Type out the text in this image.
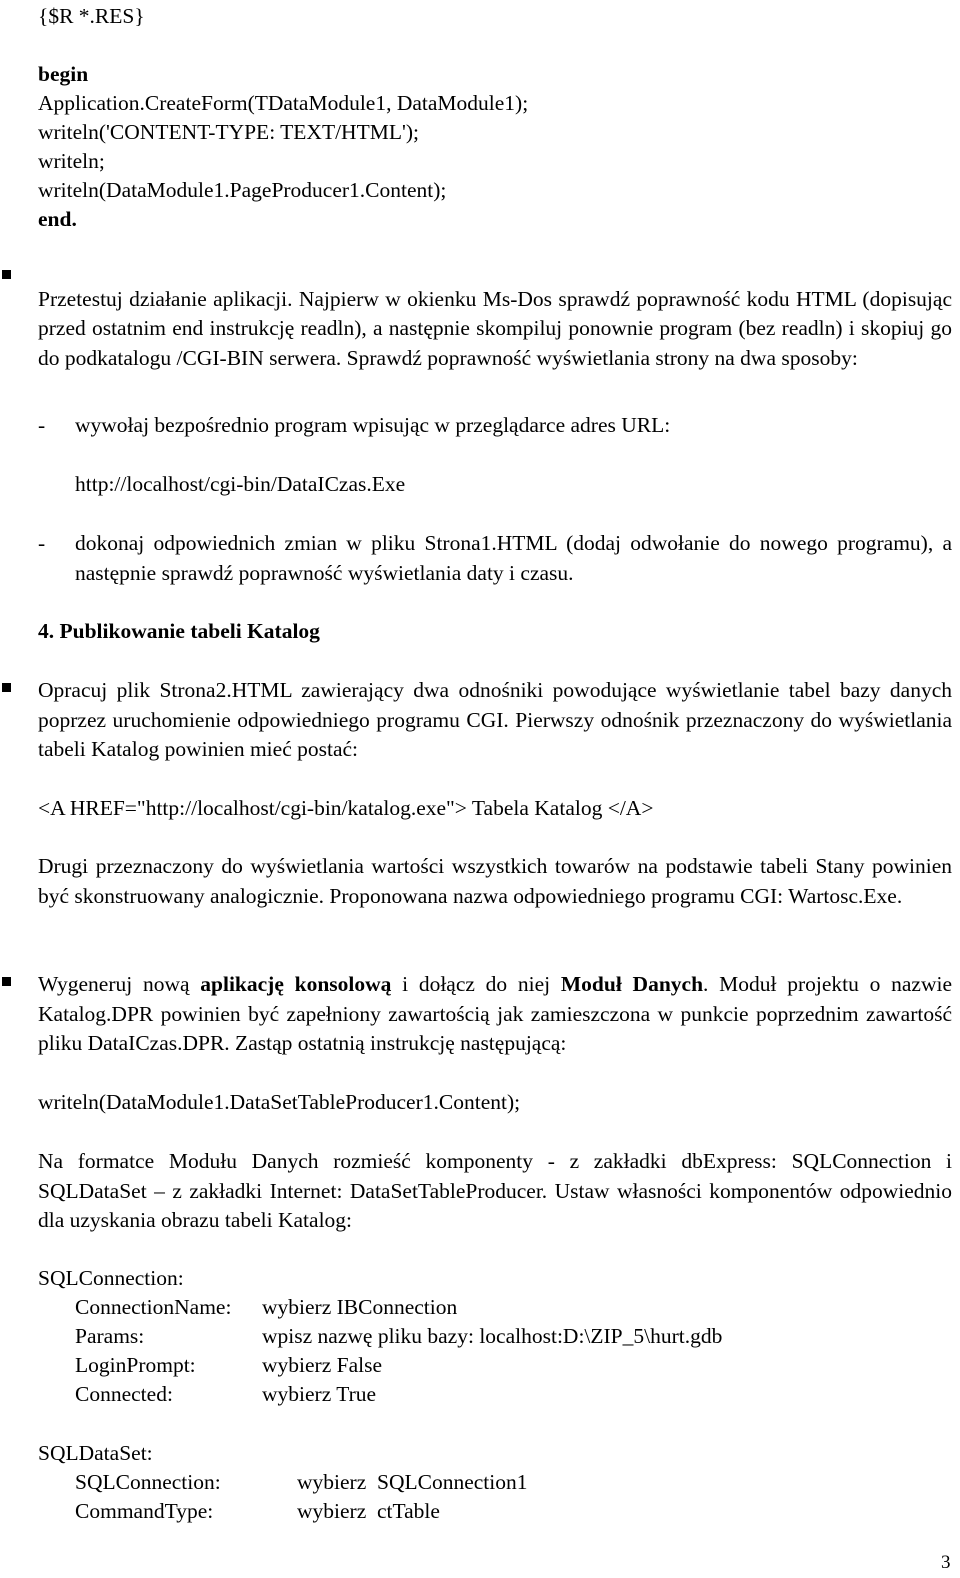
{$R *.RES}
begin
Application.CreateForm(TDataModule1, DataModule1);
writeln('CONTENT-TYPE: TEXT/HTML');
writeln;
writeln(DataModule1.PageProducer1.Content);
end.

Przetestuj działanie aplikacji. Najpierw w okienku Ms-Dos sprawdź poprawność kodu HTML (dopisując przed ostatnim end instrukcję readln), a następnie skompiluj ponownie program (bez readln) i skopiuj go do podkatalogu /CGI-BIN serwera. Sprawdź poprawność wyświetlania strony na dwa sposoby:

- wywołaj bezpośrednio program wpisując w przeglądarce adres URL:
http://localhost/cgi-bin/DataICzas.Exe
- dokonaj odpowiednich zmian w pliku Strona1.HTML (dodaj odwołanie do nowego programu), a następnie sprawdź poprawność wyświetlania daty i czasu.

4. Publikowanie tabeli Katalog

Opracuj plik Strona2.HTML zawierający dwa odnośniki powodujące wyświetlanie tabel bazy danych poprzez uruchomienie odpowiedniego programu CGI. Pierwszy odnośnik przeznaczony do wyświetlania tabeli Katalog powinien mieć postać:

<A HREF="http://localhost/cgi-bin/katalog.exe"> Tabela Katalog </A>

Drugi przeznaczony do wyświetlania wartości wszystkich towarów na podstawie tabeli Stany powinien być skonstruowany analogicznie. Proponowana nazwa odpowiedniego programu CGI: Wartosc.Exe.

Wygeneruj nową aplikację konsolową i dołącz do niej Moduł Danych. Moduł projektu o nazwie Katalog.DPR powinien być zapełniony zawartością jak zamieszczona w punkcie poprzednim zawartość pliku DataICzas.DPR. Zastąp ostatnią instrukcję następującą:

writeln(DataModule1.DataSetTableProducer1.Content);

Na formatce Modułu Danych rozmieść komponenty - z zakładki dbExpress: SQLConnection i SQLDataSet – z zakładki Internet: DataSetTableProducer. Ustaw własności komponentów odpowiednio dla uzyskania obrazu tabeli Katalog:

SQLConnection:
ConnectionName: wybierz IBConnection
Params:	wpisz nazwę pliku bazy: localhost:D:\ZIP_5\hurt.gdb
LoginPrompt:	wybierz False
Connected:	wybierz True
SQLDataSet:
SQLConnection:	wybierz  SQLConnection1
CommandType:	wybierz  ctTable
3
